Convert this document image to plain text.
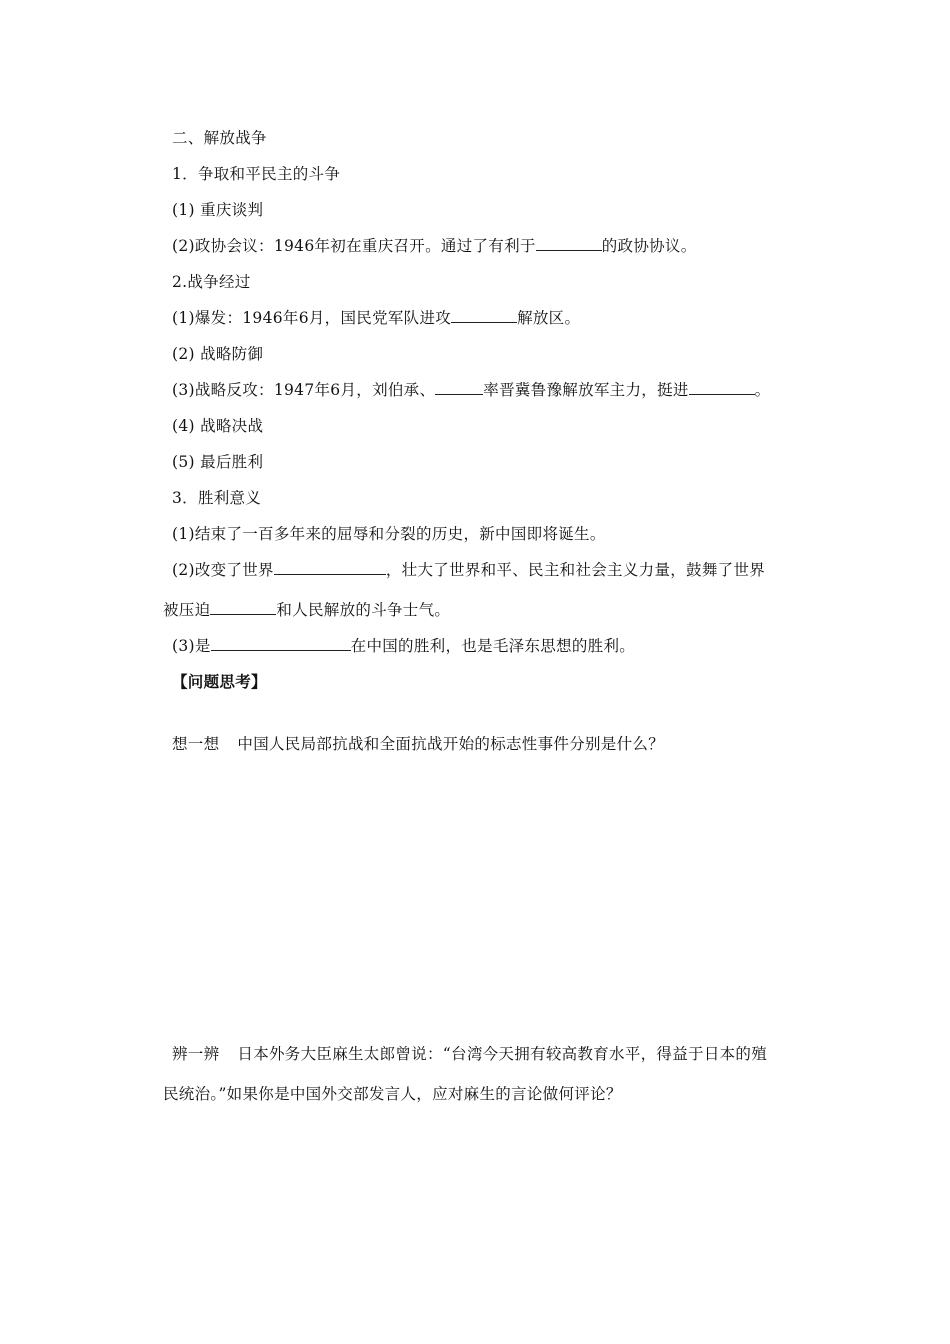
二、解放战争
1．争取和平民主的斗争
(1) 重庆谈判
(2)政协会议：1946年初在重庆召开。通过了有利于	的政协协议。
2.战争经过
(1)爆发：1946年6月，国民党军队进攻	解放区。
(2) 战略防御
(3)战略反攻：1947年6月，刘伯承、	率晋冀鲁豫解放军主力，挺进	。
(4) 战略决战
(5) 最后胜利
3．胜利意义
(1)结束了一百多年来的屈辱和分裂的历史，新中国即将诞生。
(2)改变了世界	，壮大了世界和平、民主和社会主义力量，鼓舞了世界
被压迫	和人民解放的斗争士气。
(3)是	在中国的胜利，也是毛泽东思想的胜利。
【问题思考】
想一想 中国人民局部抗战和全面抗战开始的标志性事件分别是什么？
辨一辨 日本外务大臣麻生太郎曾说：“台湾今天拥有较高教育水平，得益于日本的殖
民统治。”如果你是中国外交部发言人，应对麻生的言论做何评论？
